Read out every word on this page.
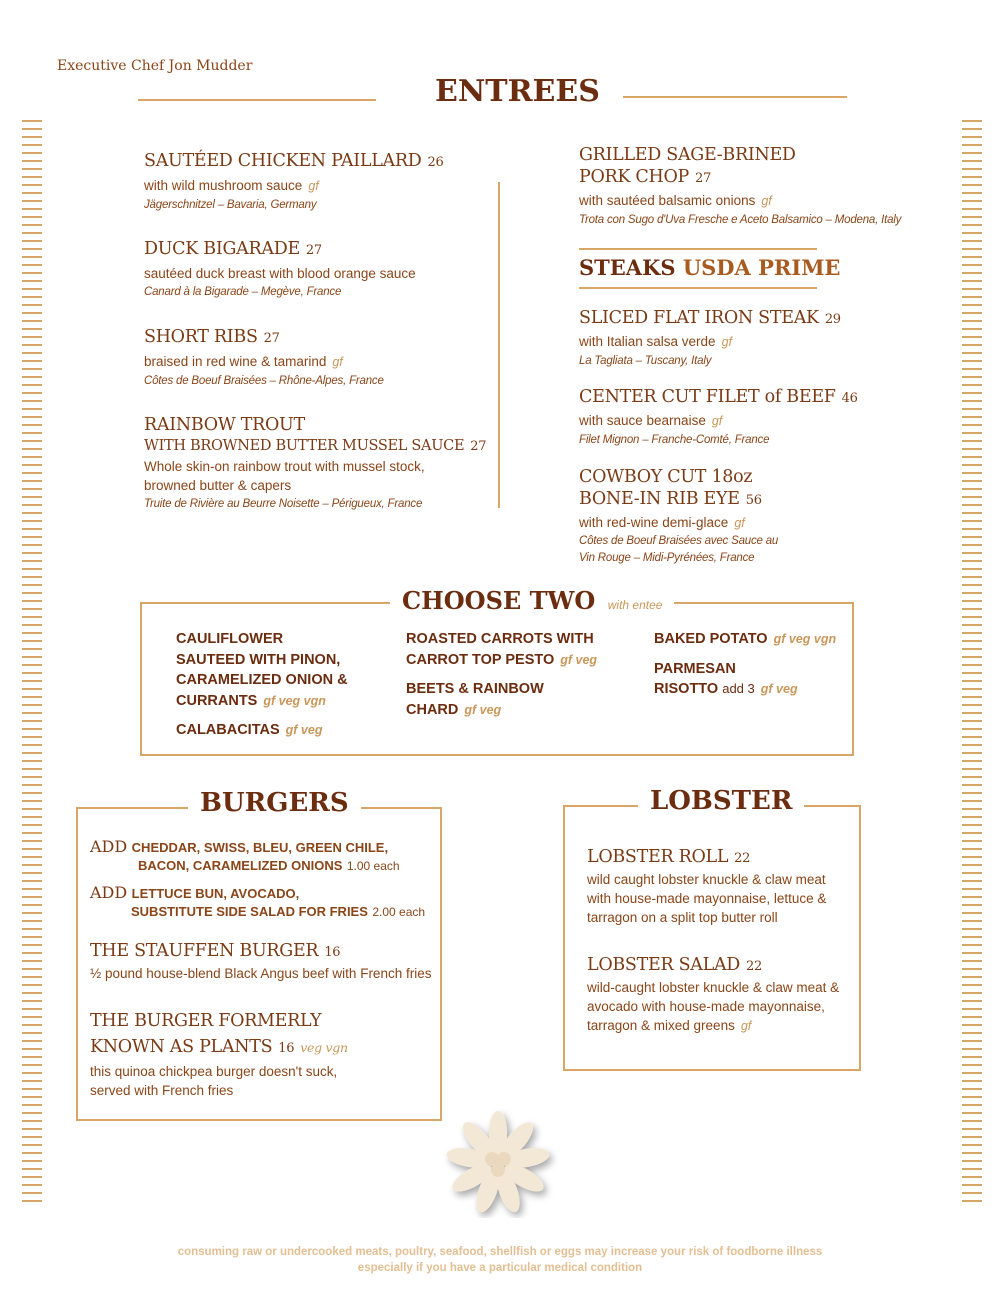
Executive Chef Jon Mudder
ENTREES
SAUTÉED CHICKEN PAILLARD 26
with wild mushroom sauce gf
Jägerschnitzel – Bavaria, Germany
DUCK BIGARADE 27
sautéed duck breast with blood orange sauce
Canard à la Bigarade – Megève, France
SHORT RIBS 27
braised in red wine & tamarind gf
Côtes de Boeuf Braisées – Rhône-Alpes, France
RAINBOW TROUT
WITH BROWNED BUTTER MUSSEL SAUCE 27
Whole skin-on rainbow trout with mussel stock,
browned butter & capers
Truite de Rivière au Beurre Noisette – Périgueux, France
GRILLED SAGE-BRINED
PORK CHOP 27
with sautéed balsamic onions gf
Trota con Sugo d'Uva Fresche e Aceto Balsamico – Modena, Italy
STEAKS USDA PRIME
SLICED FLAT IRON STEAK 29
with Italian salsa verde gf
La Tagliata – Tuscany, Italy
CENTER CUT FILET of BEEF 46
with sauce bearnaise gf
Filet Mignon – Franche-Comté, France
COWBOY CUT 18oz
BONE-IN RIB EYE 56
with red-wine demi-glace gf
Côtes de Boeuf Braisées avec Sauce au
Vin Rouge – Midi-Pyrénées, France
CHOOSE TWO with entee
CAULIFLOWER
SAUTEED WITH PINON,
CARAMELIZED ONION &
CURRANTS gf veg vgn
CALABACITAS gf veg
ROASTED CARROTS WITH
CARROT TOP PESTO gf veg
BEETS & RAINBOW
CHARD gf veg
BAKED POTATO gf veg vgn
PARMESAN
RISOTTO add 3 gf veg
BURGERS
ADD CHEDDAR, SWISS, BLEU, GREEN CHILE,
BACON, CARAMELIZED ONIONS 1.00 each
ADD LETTUCE BUN, AVOCADO,
SUBSTITUTE SIDE SALAD FOR FRIES 2.00 each
THE STAUFFEN BURGER 16
½ pound house-blend Black Angus beef with French fries
THE BURGER FORMERLY
KNOWN AS PLANTS 16 veg vgn
this quinoa chickpea burger doesn't suck,
served with French fries
LOBSTER
LOBSTER ROLL 22
wild caught lobster knuckle & claw meat
with house-made mayonnaise, lettuce &
tarragon on a split top butter roll
LOBSTER SALAD 22
wild-caught lobster knuckle & claw meat &
avocado with house-made mayonnaise,
tarragon & mixed greens gf
consuming raw or undercooked meats, poultry, seafood, shellfish or eggs may increase your risk of foodborne illness
especially if you have a particular medical condition
